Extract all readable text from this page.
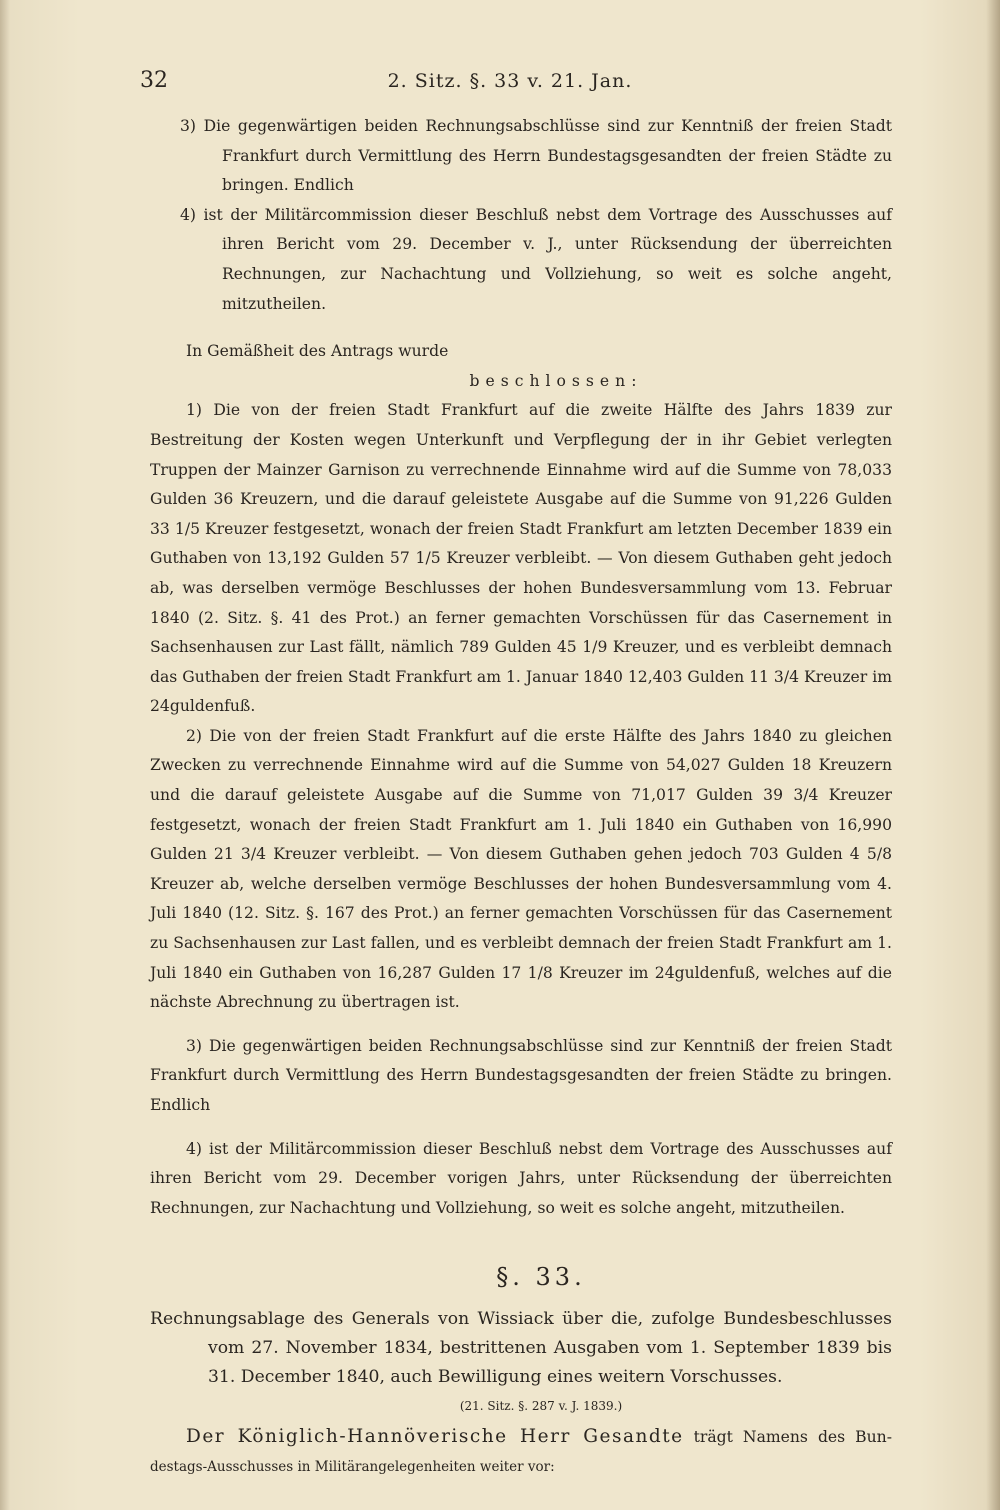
32	2. Sitz. §. 33 v. 21. Jan.

3) Die gegenwärtigen beiden Rechnungsabschlüsse sind zur Kenntniß der freien Stadt Frankfurt durch Vermittlung des Herrn Bundestagsgesandten der freien Städte zu bringen. Endlich

4) ist der Militärcommission dieser Beschluß nebst dem Vortrage des Ausschusses auf ihren Bericht vom 29. December v. J., unter Rücksendung der überreichten Rechnungen, zur Nachachtung und Vollziehung, so weit es solche angeht, mitzutheilen.

In Gemäßheit des Antrags wurde

beschlossen:

1) Die von der freien Stadt Frankfurt auf die zweite Hälfte des Jahrs 1839 zur Bestreitung der Kosten wegen Unterkunft und Verpflegung der in ihr Gebiet verlegten Truppen der Mainzer Garnison zu verrechnende Einnahme wird auf die Summe von 78,033 Gulden 36 Kreuzern, und die darauf geleistete Ausgabe auf die Summe von 91,226 Gulden 33 1/5 Kreuzer festgesetzt, wonach der freien Stadt Frankfurt am letzten December 1839 ein Guthaben von 13,192 Gulden 57 1/5 Kreuzer verbleibt. — Von diesem Guthaben geht jedoch ab, was derselben vermöge Beschlusses der hohen Bundesversammlung vom 13. Februar 1840 (2. Sitz. §. 41 des Prot.) an ferner gemachten Vorschüssen für das Casernement in Sachsenhausen zur Last fällt, nämlich 789 Gulden 45 1/9 Kreuzer, und es verbleibt demnach das Guthaben der freien Stadt Frankfurt am 1. Januar 1840 12,403 Gulden 11 3/4 Kreuzer im 24guldenfuß.

2) Die von der freien Stadt Frankfurt auf die erste Hälfte des Jahrs 1840 zu gleichen Zwecken zu verrechnende Einnahme wird auf die Summe von 54,027 Gulden 18 Kreuzern und die darauf geleistete Ausgabe auf die Summe von 71,017 Gulden 39 3/4 Kreuzer festgesetzt, wonach der freien Stadt Frankfurt am 1. Juli 1840 ein Guthaben von 16,990 Gulden 21 3/4 Kreuzer verbleibt. — Von diesem Guthaben gehen jedoch 703 Gulden 4 5/8 Kreuzer ab, welche derselben vermöge Beschlusses der hohen Bundesversammlung vom 4. Juli 1840 (12. Sitz. §. 167 des Prot.) an ferner gemachten Vorschüssen für das Casernement zu Sachsenhausen zur Last fallen, und es verbleibt demnach der freien Stadt Frankfurt am 1. Juli 1840 ein Guthaben von 16,287 Gulden 17 1/8 Kreuzer im 24guldenfuß, welches auf die nächste Abrechnung zu übertragen ist.

3) Die gegenwärtigen beiden Rechnungsabschlüsse sind zur Kenntniß der freien Stadt Frankfurt durch Vermittlung des Herrn Bundestagsgesandten der freien Städte zu bringen. Endlich

4) ist der Militärcommission dieser Beschluß nebst dem Vortrage des Ausschusses auf ihren Bericht vom 29. December vorigen Jahrs, unter Rücksendung der überreichten Rechnungen, zur Nachachtung und Vollziehung, so weit es solche angeht, mitzutheilen.

§. 33.

Rechnungsablage des Generals von Wissiack über die, zufolge Bundesbeschlusses vom 27. November 1834, bestrittenen Ausgaben vom 1. September 1839 bis 31. December 1840, auch Bewilligung eines weitern Vorschusses.

(21. Sitz. §. 287 v. J. 1839.)

Der Königlich-Hannöverische Herr Gesandte trägt Namens des Bun- destags-Ausschusses in Militärangelegenheiten weiter vor:
